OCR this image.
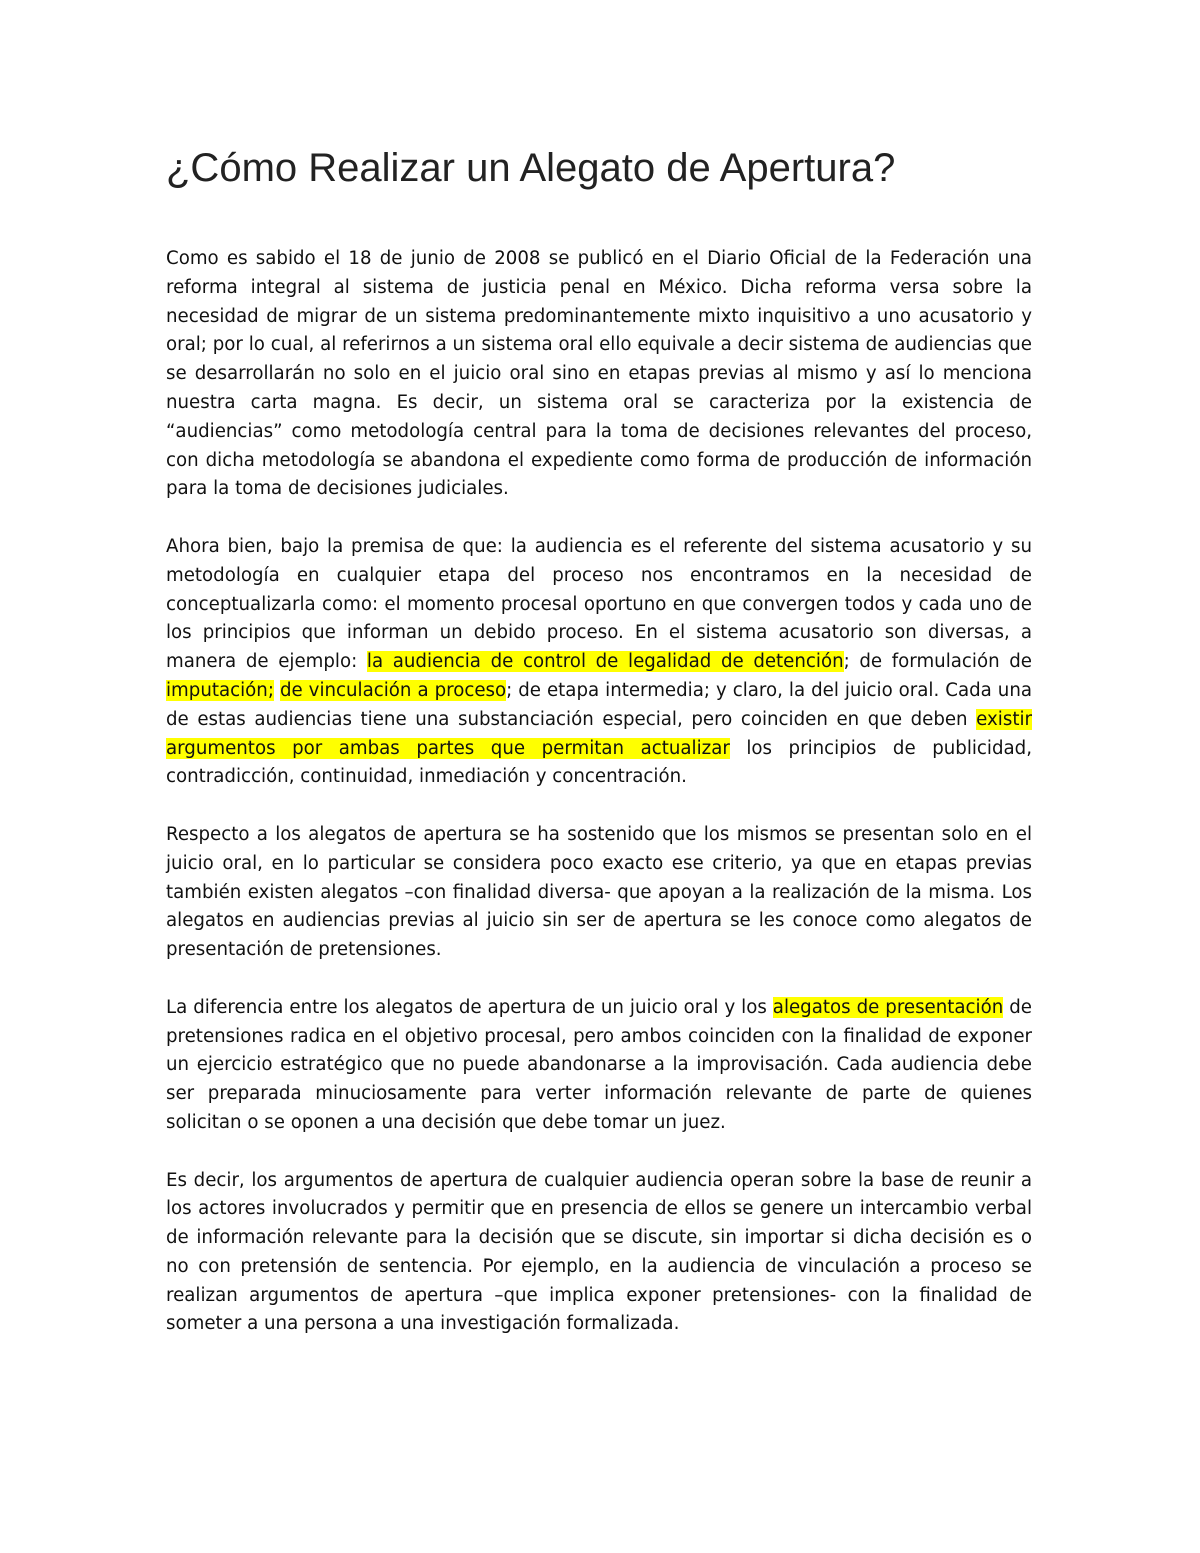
¿Cómo Realizar un Alegato de Apertura?

Como es sabido el 18 de junio de 2008 se publicó en el Diario Oficial de la Federación una reforma integral al sistema de justicia penal en México. Dicha reforma versa sobre la necesidad de migrar de un sistema predominantemente mixto inquisitivo a uno acusatorio y oral; por lo cual, al referirnos a un sistema oral ello equivale a decir sistema de audiencias que se desarrollarán no solo en el juicio oral sino en etapas previas al mismo y así lo menciona nuestra carta magna. Es decir, un sistema oral se caracteriza por la existencia de “audiencias” como metodología central para la toma de decisiones relevantes del proceso, con dicha metodología se abandona el expediente como forma de producción de información para la toma de decisiones judiciales.

Ahora bien, bajo la premisa de que: la audiencia es el referente del sistema acusatorio y su metodología en cualquier etapa del proceso nos encontramos en la necesidad de conceptualizarla como: el momento procesal oportuno en que convergen todos y cada uno de los principios que informan un debido proceso. En el sistema acusatorio son diversas, a manera de ejemplo: la audiencia de control de legalidad de detención; de formulación de imputación; de vinculación a proceso; de etapa intermedia; y claro, la del juicio oral. Cada una de estas audiencias tiene una substanciación especial, pero coinciden en que deben existir argumentos por ambas partes que permitan actualizar los principios de publicidad, contradicción, continuidad, inmediación y concentración.

Respecto a los alegatos de apertura se ha sostenido que los mismos se presentan solo en el juicio oral, en lo particular se considera poco exacto ese criterio, ya que en etapas previas también existen alegatos –con finalidad diversa- que apoyan a la realización de la misma. Los alegatos en audiencias previas al juicio sin ser de apertura se les conoce como alegatos de presentación de pretensiones.

La diferencia entre los alegatos de apertura de un juicio oral y los alegatos de presentación de pretensiones radica en el objetivo procesal, pero ambos coinciden con la finalidad de exponer un ejercicio estratégico que no puede abandonarse a la improvisación. Cada audiencia debe ser preparada minuciosamente para verter información relevante de parte de quienes solicitan o se oponen a una decisión que debe tomar un juez.

Es decir, los argumentos de apertura de cualquier audiencia operan sobre la base de reunir a los actores involucrados y permitir que en presencia de ellos se genere un intercambio verbal de información relevante para la decisión que se discute, sin importar si dicha decisión es o no con pretensión de sentencia. Por ejemplo, en la audiencia de vinculación a proceso se realizan argumentos de apertura –que implica exponer pretensiones- con la finalidad de someter a una persona a una investigación formalizada.
